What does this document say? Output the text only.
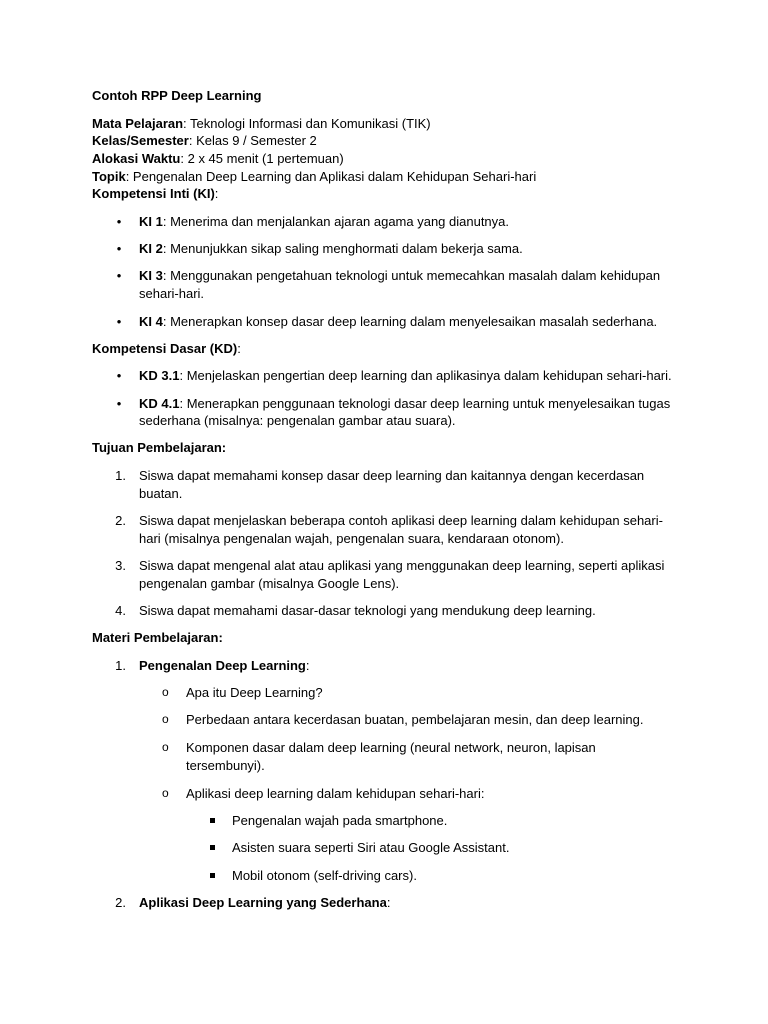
Contoh RPP Deep Learning
Mata Pelajaran: Teknologi Informasi dan Komunikasi (TIK)
Kelas/Semester: Kelas 9 / Semester 2
Alokasi Waktu: 2 x 45 menit (1 pertemuan)
Topik: Pengenalan Deep Learning dan Aplikasi dalam Kehidupan Sehari-hari
Kompetensi Inti (KI):
•	KI 1: Menerima dan menjalankan ajaran agama yang dianutnya.
•	KI 2: Menunjukkan sikap saling menghormati dalam bekerja sama.
•	KI 3: Menggunakan pengetahuan teknologi untuk memecahkan masalah dalam kehidupan
sehari-hari.
•	KI 4: Menerapkan konsep dasar deep learning dalam menyelesaikan masalah sederhana.
Kompetensi Dasar (KD):
•	KD 3.1: Menjelaskan pengertian deep learning dan aplikasinya dalam kehidupan sehari-hari.
•	KD 4.1: Menerapkan penggunaan teknologi dasar deep learning untuk menyelesaikan tugas
sederhana (misalnya: pengenalan gambar atau suara).
Tujuan Pembelajaran:
1. Siswa dapat memahami konsep dasar deep learning dan kaitannya dengan kecerdasan
buatan.
2. Siswa dapat menjelaskan beberapa contoh aplikasi deep learning dalam kehidupan sehari-
hari (misalnya pengenalan wajah, pengenalan suara, kendaraan otonom).
3. Siswa dapat mengenal alat atau aplikasi yang menggunakan deep learning, seperti aplikasi
pengenalan gambar (misalnya Google Lens).
4. Siswa dapat memahami dasar-dasar teknologi yang mendukung deep learning.
Materi Pembelajaran:
1. Pengenalan Deep Learning:
o Apa itu Deep Learning?
o Perbedaan antara kecerdasan buatan, pembelajaran mesin, dan deep learning.
o Komponen dasar dalam deep learning (neural network, neuron, lapisan
tersembunyi).
o Aplikasi deep learning dalam kehidupan sehari-hari:
Pengenalan wajah pada smartphone.
Asisten suara seperti Siri atau Google Assistant.
Mobil otonom (self-driving cars).
2. Aplikasi Deep Learning yang Sederhana:
